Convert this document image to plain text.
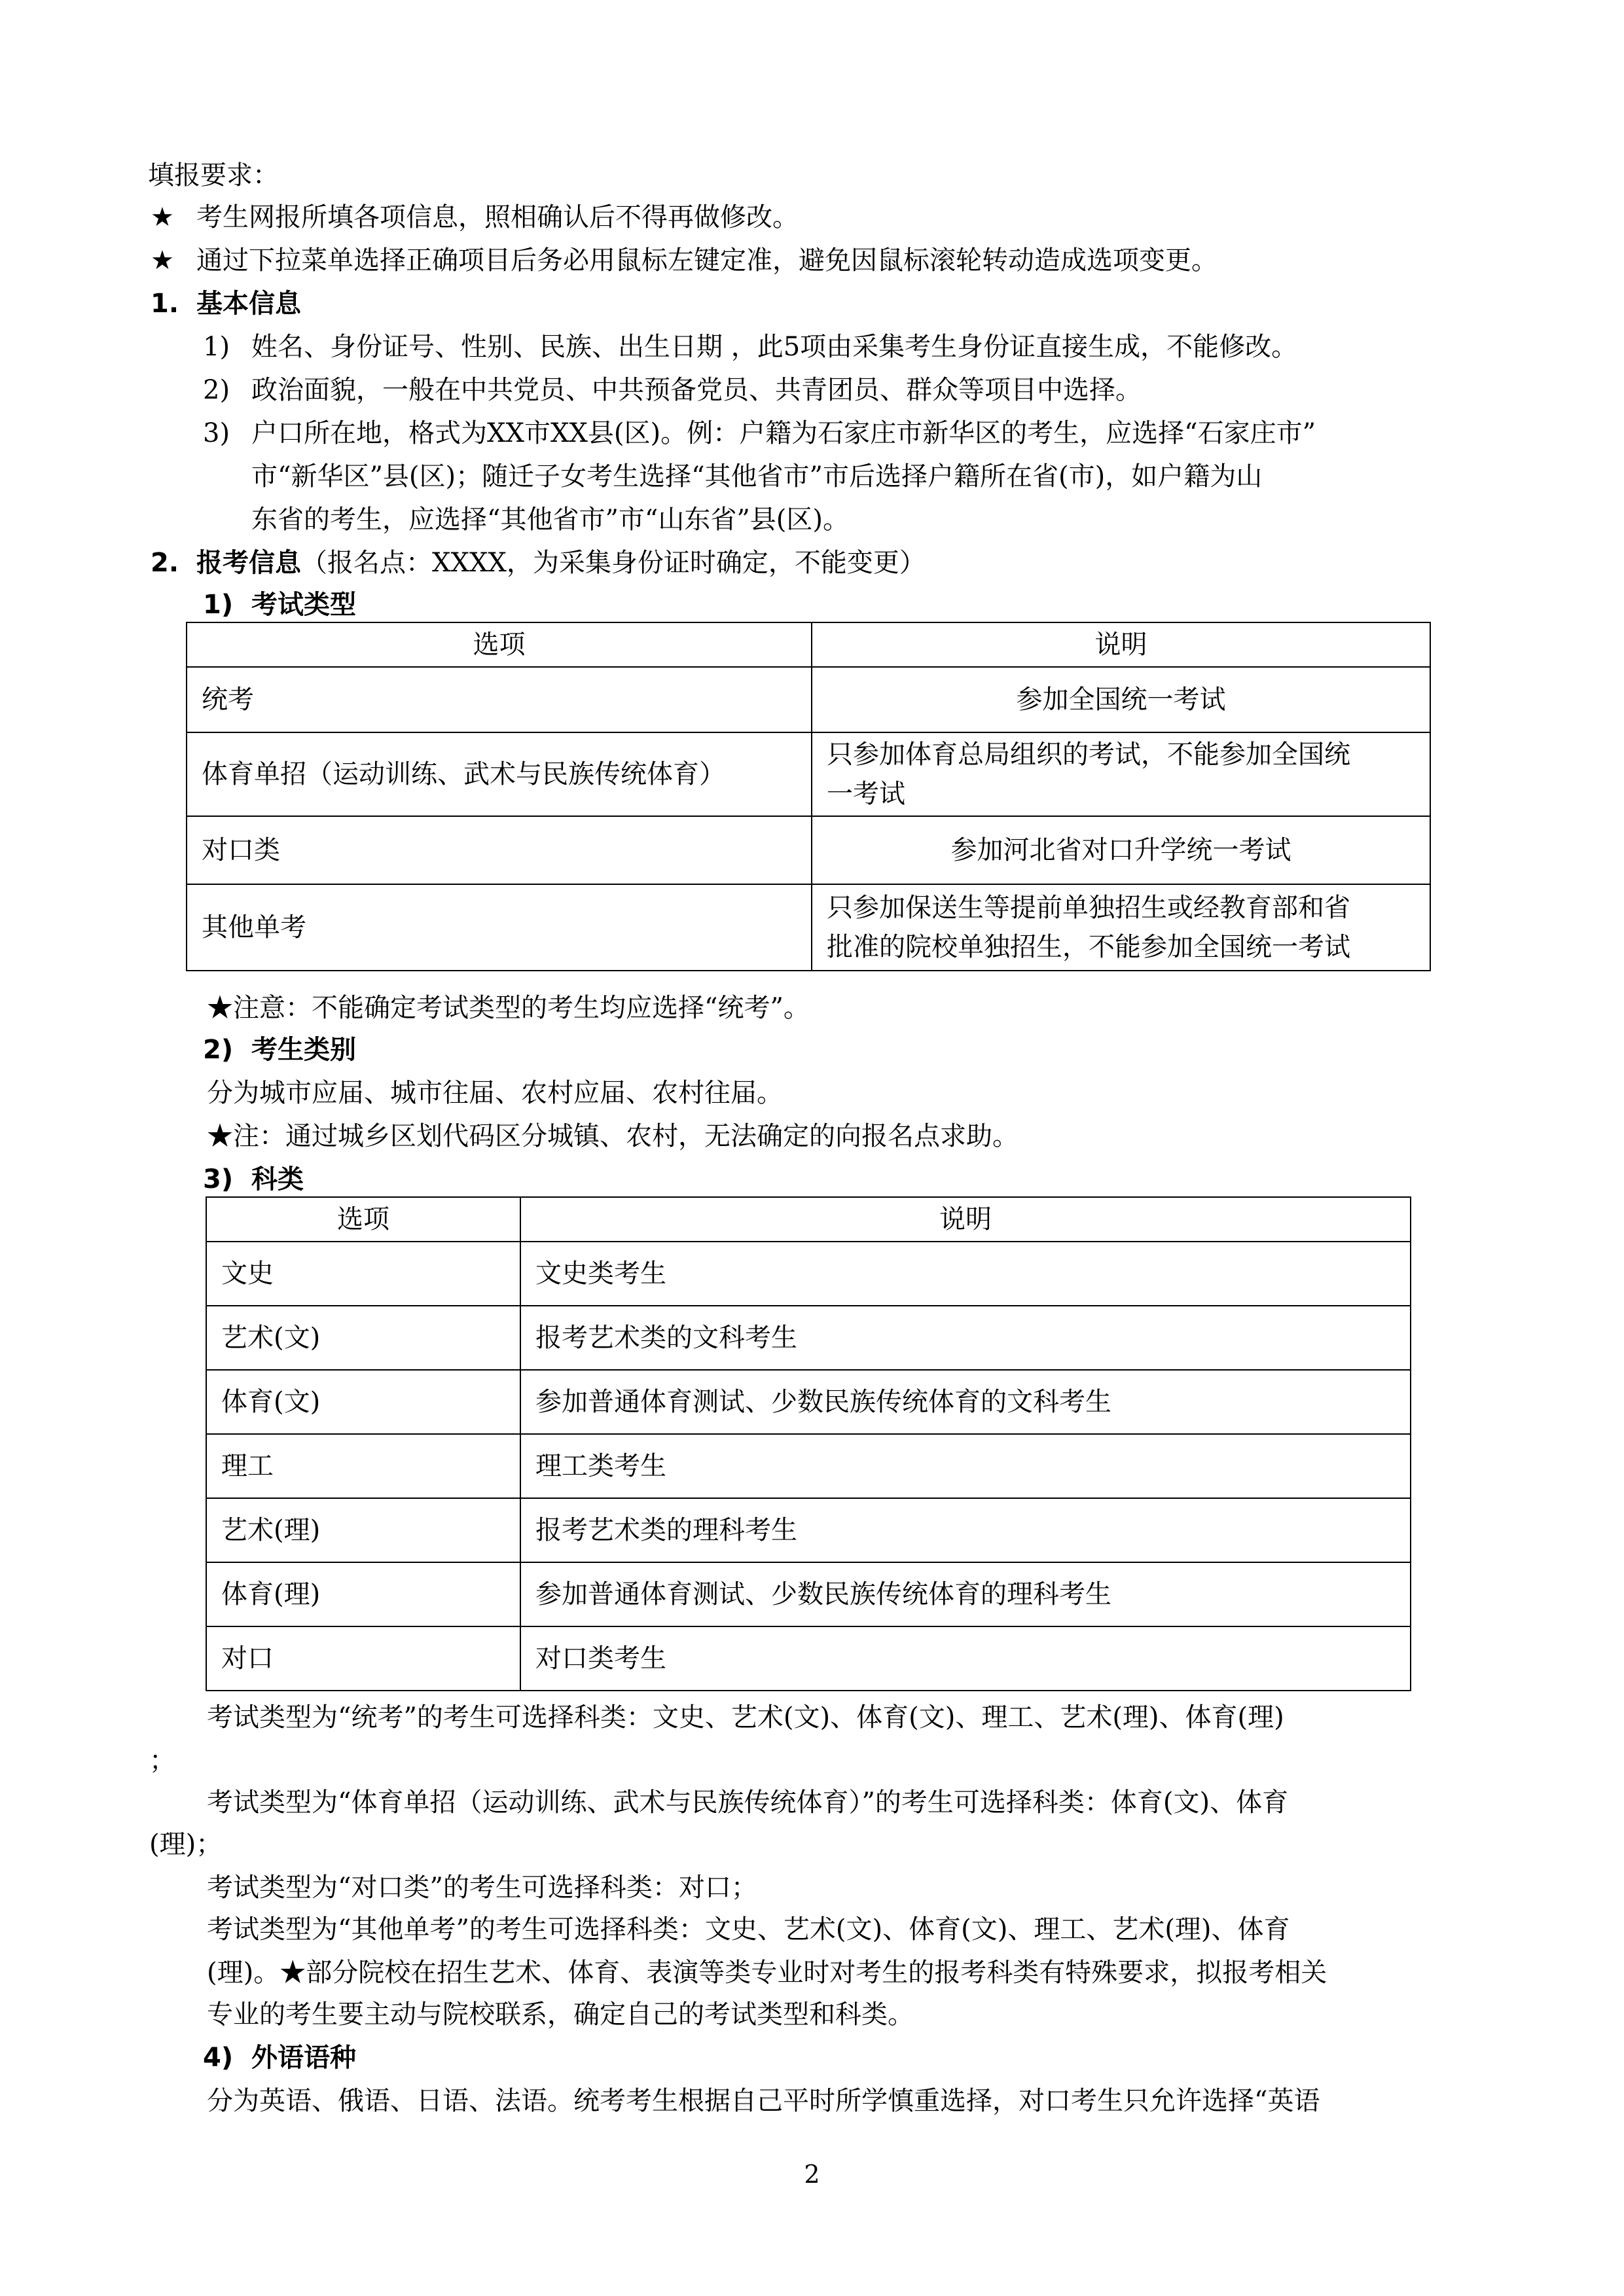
填报要求：
★ 考生网报所填各项信息，照相确认后不得再做修改。
★ 通过下拉菜单选择正确项目后务必用鼠标左键定准，避免因鼠标滚轮转动造成选项变更。
1. 基本信息
1) 姓名、身份证号、性别、民族、出生日期 ，此5项由采集考生身份证直接生成，不能修改。
2) 政治面貌，一般在中共党员、中共预备党员、共青团员、群众等项目中选择。
3) 户口所在地，格式为XX市XX县(区)。例：户籍为石家庄市新华区的考生，应选择“石家庄市”
市“新华区”县(区)；随迁子女考生选择“其他省市”市后选择户籍所在省(市)，如户籍为山
东省的考生，应选择“其他省市”市“山东省”县(区)。
2. 报考信息（报名点：XXXX，为采集身份证时确定，不能变更）
1) 考试类型
选项	说明
统考	参加全国统一考试
体育单招（运动训练、武术与民族传统体育）	只参加体育总局组织的考试，不能参加全国统
一考试

对口类	参加河北省对口升学统一考试
其他单考	只参加保送生等提前单独招生或经教育部和省
批准的院校单独招生，不能参加全国统一考试
★注意：不能确定考试类型的考生均应选择“统考”。
2) 考生类别
分为城市应届、城市往届、农村应届、农村往届。
★注：通过城乡区划代码区分城镇、农村，无法确定的向报名点求助。
3) 科类
选项	说明
文史	文史类考生
艺术(文)	报考艺术类的文科考生
体育(文)	参加普通体育测试、少数民族传统体育的文科考生
理工	理工类考生
艺术(理)	报考艺术类的理科考生
体育(理)	参加普通体育测试、少数民族传统体育的理科考生
对口	对口类考生
考试类型为“统考”的考生可选择科类：文史、艺术(文)、体育(文)、理工、艺术(理)、体育(理)
；
考试类型为“体育单招（运动训练、武术与民族传统体育）”的考生可选择科类：体育(文)、体育
(理)；
考试类型为“对口类”的考生可选择科类：对口；
考试类型为“其他单考”的考生可选择科类：文史、艺术(文)、体育(文)、理工、艺术(理)、体育
(理)。★部分院校在招生艺术、体育、表演等类专业时对考生的报考科类有特殊要求，拟报考相关
专业的考生要主动与院校联系，确定自己的考试类型和科类。
4) 外语语种
分为英语、俄语、日语、法语。统考考生根据自己平时所学慎重选择，对口考生只允许选择“英语
2
